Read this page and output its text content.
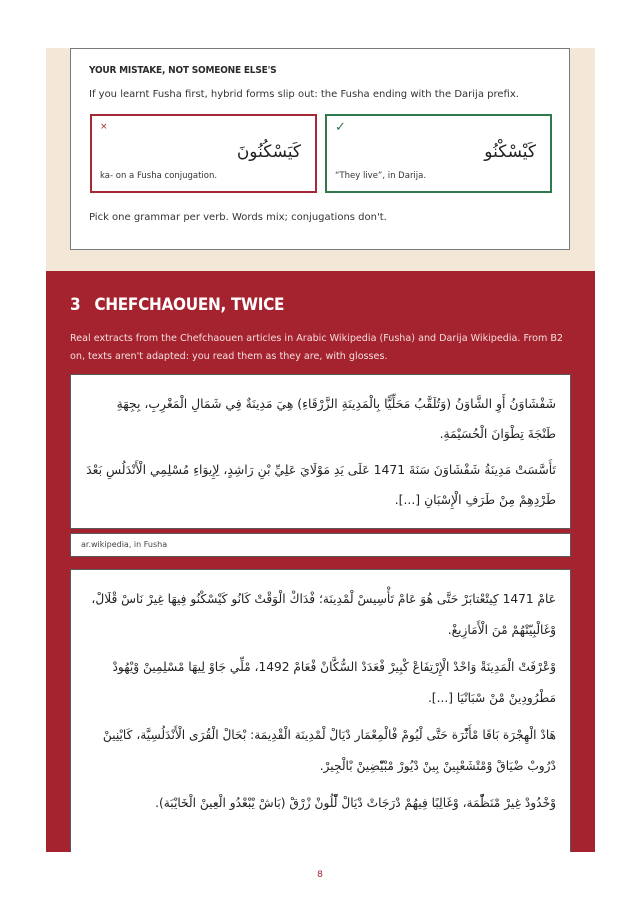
YOUR MISTAKE, NOT SOMEONE ELSE'S
If you learnt Fusha first, hybrid forms slip out: the Fusha ending with the Darija prefix.
×
كَيَسْكُنُونَ
ka- on a Fusha conjugation.
✓
كَيْسْكْنُو
“They live”, in Darija.
Pick one grammar per verb. Words mix; conjugations don't.
3 CHEFCHAOUEN, TWICE
Real extracts from the Chefchaouen articles in Arabic Wikipedia (Fusha) and Darija Wikipedia. From B2 on, texts aren't adapted: you read them as they are, with glosses.

شَفْشَاوَنُ أَوِ الشَّاوَنُ (وَتُلَقَّبُ مَحَلِّيًّا بِالْمَدِينَةِ الزَّرْقَاءِ) هِيَ مَدِينَةٌ فِي شَمَالِ الْمَغْرِبِ، بِجِهَةِ طَنْجَةَ تِطْوَانَ الْحُسَيْمَةِ.

تَأَسَّسَتْ مَدِينَةُ شَفْشَاوَنَ سَنَةَ 1471 عَلَى يَدِ مَوْلَايَ عَلِيِّ بْنِ رَاشِدٍ، لِإِيوَاءِ مُسْلِمِي الْأَنْدَلُسِ بَعْدَ طَرْدِهِمْ مِنْ طَرَفِ الْإِسْبَانِ [...].

ar.wikipedia, in Fusha

عَامْ 1471 كِيتْعْتابَرْ حَتَّى هُوَ عَامْ تَأْسِيسْ لْمْدِينَة؛ فْدَاكْ الْوَقْتْ كَانُو كَيْسْكْنُو فِيهَا غِيرْ نَاسْ قْلَالْ، وْغَالْبِيّتْهُمْ مْنَ الْأَمَازِيغْ.

وْعْرْفَتْ الْمَدِينَةْ وَاحْدْ الْإِرْتِفَاعْ كْبِيرْ فْعَدَدْ السُّكَّانْ فْعَامْ 1492، مْلِّي جَاوْ لِيهَا مْسْلِمِينْ وْيْهُودْ مَطْرُودِينْ مْنْ سْبَانْيَا [...].

هَادْ الْهِجْرَة بَاقَا مْأَثّْرَة حَتَّى لْيُومْ فْالْمِعْمَار دْيَالْ لْمْدِينَة الْقْدِيمَة: بْحَالْ الْقُرَى الْأَنْدَلُسِيَّة، كَايْنِينْ دْرُوبْ ضْيَاقْ وْمْتْشَعْبِينْ بِينْ دْيُورْ مْبْيّْضِينْ بْالْجِيرْ.

وْخْدُودْ غِيرْ مْنَظّْمَة، وْغَالِبًا فِيهُمْ دْرَجَاتْ دْيَالْ لّْلُونْ زْرْقْ (بَاشْ يْبْعْدُو الْعِينْ الْخَايْبَة).

8
